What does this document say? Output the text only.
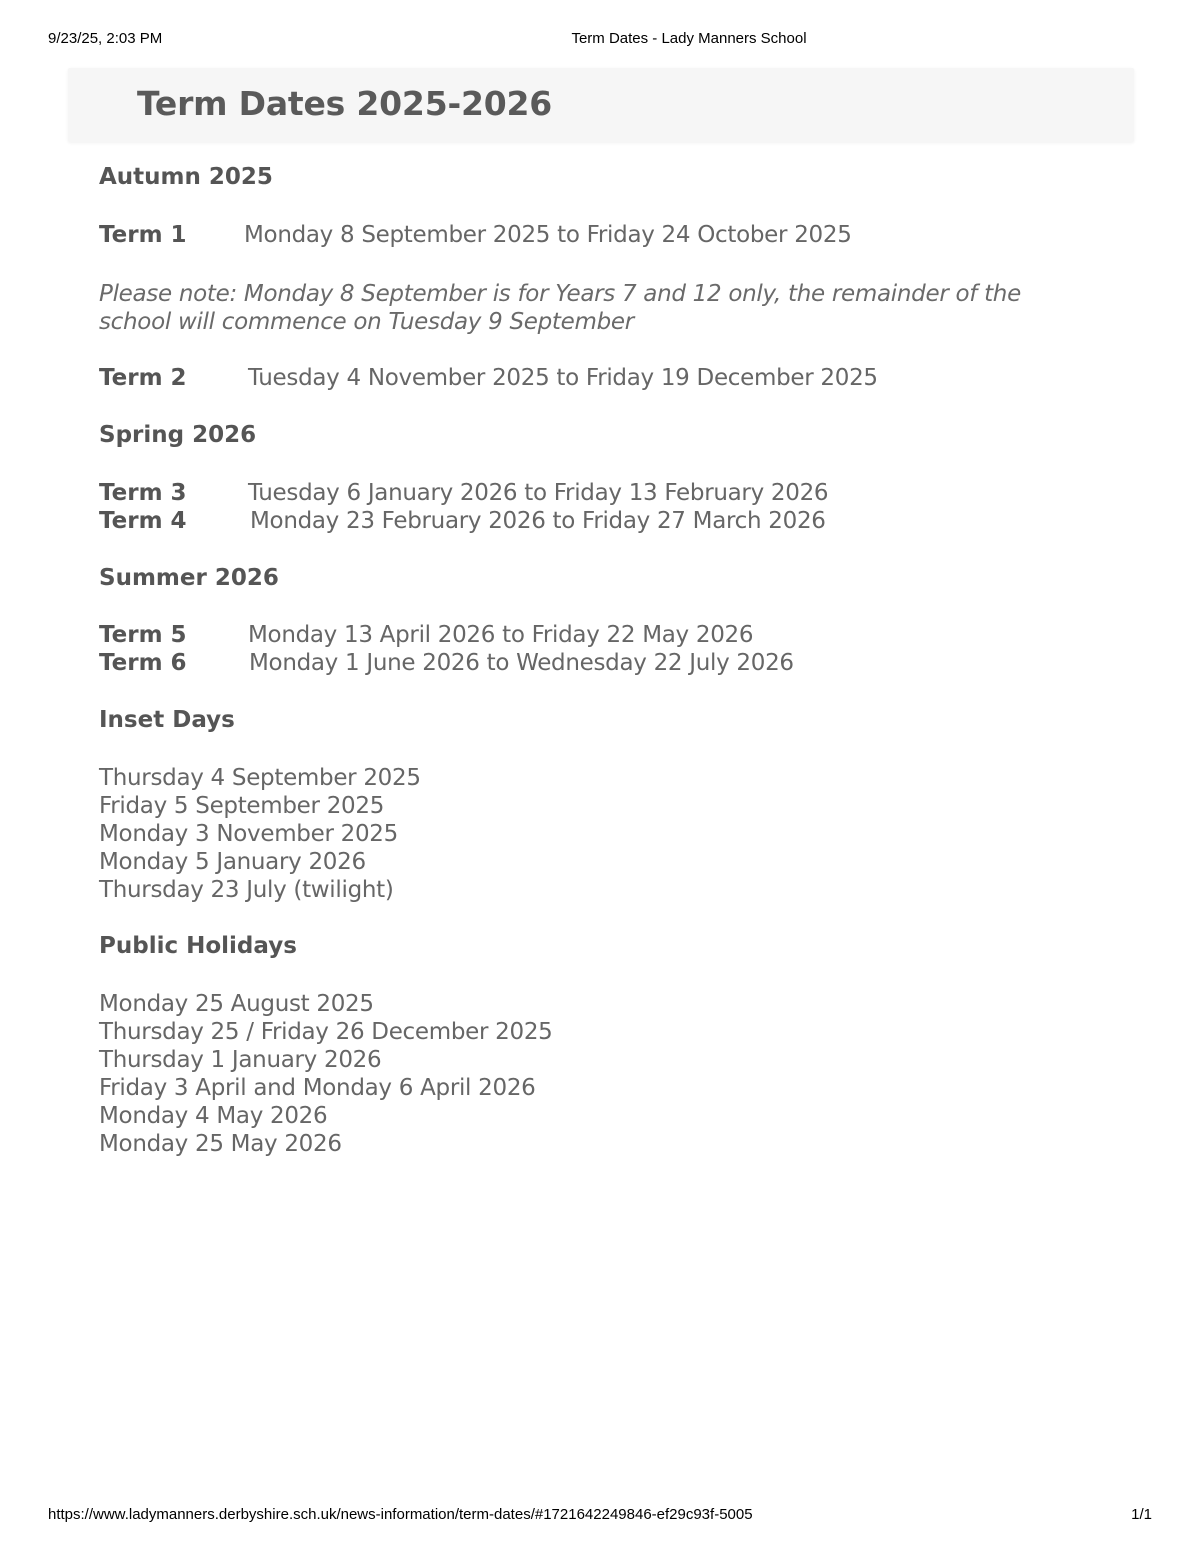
9/23/25, 2:03 PM	Term Dates - Lady Manners School
Term Dates 2025-2026
Autumn 2025
Term 1 Monday 8 September 2025 to Friday 24 October 2025

Please note: Monday 8 September is for Years 7 and 12 only, the remainder of the school will commence on Tuesday 9 September

Term 2	Tuesday 4 November 2025 to Friday 19 December 2025
Spring 2026
Term 3	Tuesday 6 January 2026 to Friday 13 February 2026
Term 4	Monday 23 February 2026 to Friday 27 March 2026
Summer 2026
Term 5	Monday 13 April 2026 to Friday 22 May 2026
Term 6	Monday 1 June 2026 to Wednesday 22 July 2026
Inset Days
Thursday 4 September 2025
Friday 5 September 2025
Monday 3 November 2025
Monday 5 January 2026
Thursday 23 July (twilight)
Public Holidays
Monday 25 August 2025
Thursday 25 / Friday 26 December 2025
Thursday 1 January 2026
Friday 3 April and Monday 6 April 2026
Monday 4 May 2026
Monday 25 May 2026
https://www.ladymanners.derbyshire.sch.uk/news-information/term-dates/#1721642249846-ef29c93f-5005	1/1
